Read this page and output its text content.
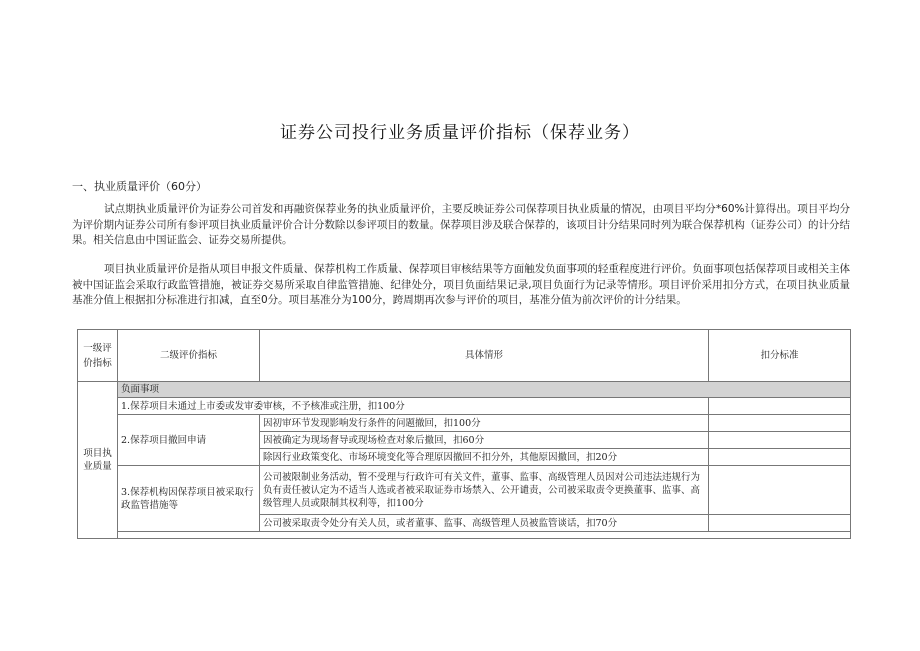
证券公司投行业务质量评价指标（保荐业务）
一、执业质量评价（60分）
试点期执业质量评价为证券公司首发和再融资保荐业务的执业质量评价，主要反映证券公司保荐项目执业质量的情况，由项目平均分*60%计算得出。项目平均分为评价期内证券公司所有参评项目执业质量评价合计分数除以参评项目的数量。保荐项目涉及联合保荐的，该项目计分结果同时列为联合保荐机构（证券公司）的计分结果。相关信息由中国证监会、证券交易所提供。
项目执业质量评价是指从项目申报文件质量、保荐机构工作质量、保荐项目审核结果等方面触发负面事项的轻重程度进行评价。负面事项包括保荐项目或相关主体被中国证监会采取行政监管措施，被证券交易所采取自律监管措施、纪律处分，项目负面结果记录,项目负面行为记录等情形。项目评价采用扣分方式，在项目执业质量基准分值上根据扣分标准进行扣减，直至0分。项目基准分为100分，跨周期再次参与评价的项目，基准分值为前次评价的计分结果。
一级评价指标	二级评价指标	具体情形	扣分标准
项目执业质量	负面事项		
	1.保荐项目未通过上市委或发审委审核，不予核准或注册，扣100分		
	2.保荐项目撤回申请	因初审环节发现影响发行条件的问题撤回，扣100分	
		因被确定为现场督导或现场检查对象后撤回，扣60分	
		除因行业政策变化、市场环境变化等合理原因撤回不扣分外，其他原因撤回，扣20分	
	3.保荐机构因保荐项目被采取行政监管措施等	公司被限制业务活动，暂不受理与行政许可有关文件，董事、监事、高级管理人员因对公司违法违规行为负有责任被认定为不适当人选或者被采取证券市场禁入、公开谴责，公司被采取责令更换董事、监事、高级管理人员或限制其权利等，扣100分	
		公司被采取责令处分有关人员，或者董事、监事、高级管理人员被监管谈话，扣70分	
